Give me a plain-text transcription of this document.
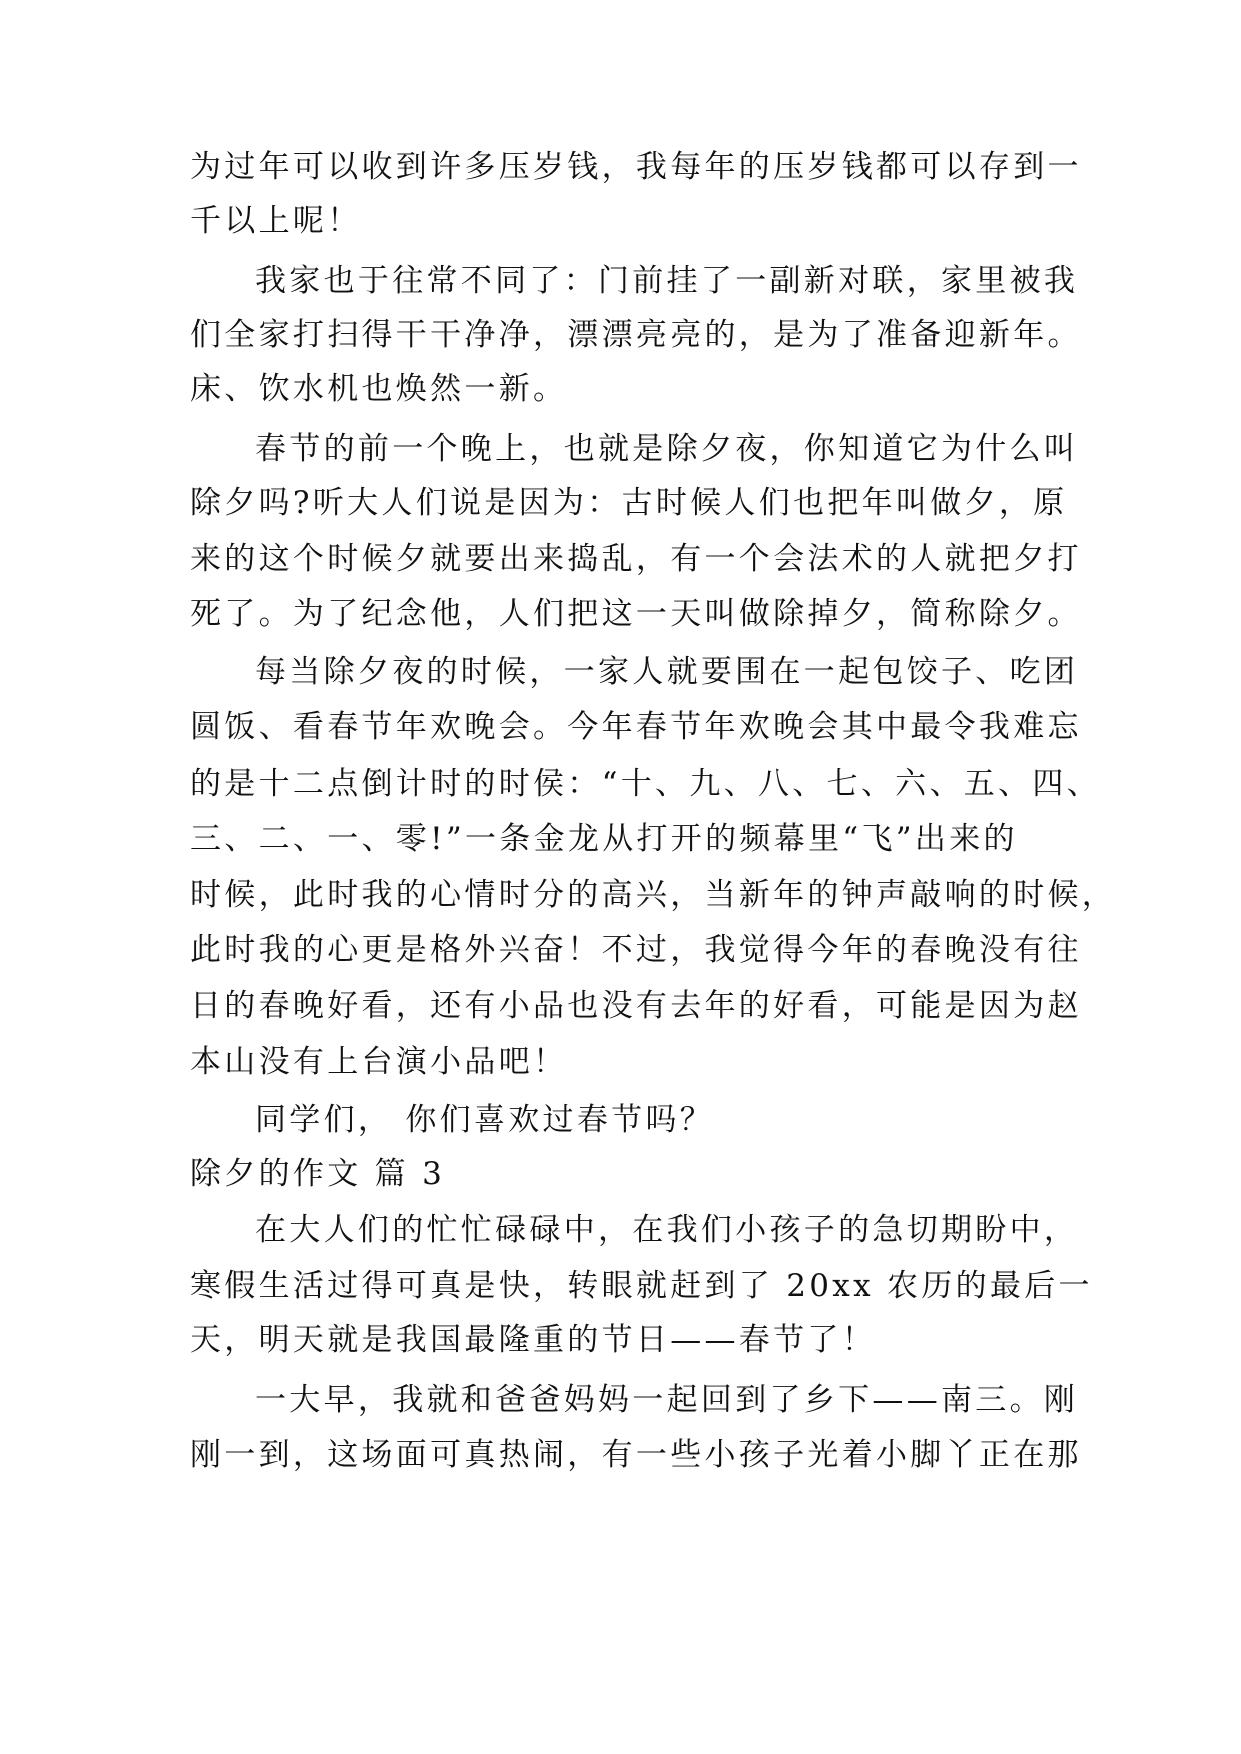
为过年可以收到许多压岁钱，我每年的压岁钱都可以存到一
千以上呢！
我家也于往常不同了：门前挂了一副新对联，家里被我
们全家打扫得干干净净，漂漂亮亮的，是为了准备迎新年。
床、饮水机也焕然一新。
春节的前一个晚上，也就是除夕夜，你知道它为什么叫
除夕吗?听大人们说是因为：古时候人们也把年叫做夕，原
来的这个时候夕就要出来捣乱，有一个会法术的人就把夕打
死了。为了纪念他，人们把这一天叫做除掉夕，简称除夕。
每当除夕夜的时候，一家人就要围在一起包饺子、吃团
圆饭、看春节年欢晚会。今年春节年欢晚会其中最令我难忘
的是十二点倒计时的时侯：“十、九、八、七、六、五、四、
三、二、一、零!”一条金龙从打开的频幕里“飞”出来的
时候，此时我的心情时分的高兴，当新年的钟声敲响的时候，
此时我的心更是格外兴奋！不过，我觉得今年的春晚没有往
日的春晚好看，还有小品也没有去年的好看，可能是因为赵
本山没有上台演小品吧！
同学们， 你们喜欢过春节吗？
除夕的作文 篇 3
在大人们的忙忙碌碌中，在我们小孩子的急切期盼中，
寒假生活过得可真是快，转眼就赶到了 20xx 农历的最后一
天，明天就是我国最隆重的节日——春节了！
一大早，我就和爸爸妈妈一起回到了乡下——南三。刚
刚一到，这场面可真热闹，有一些小孩子光着小脚丫正在那
